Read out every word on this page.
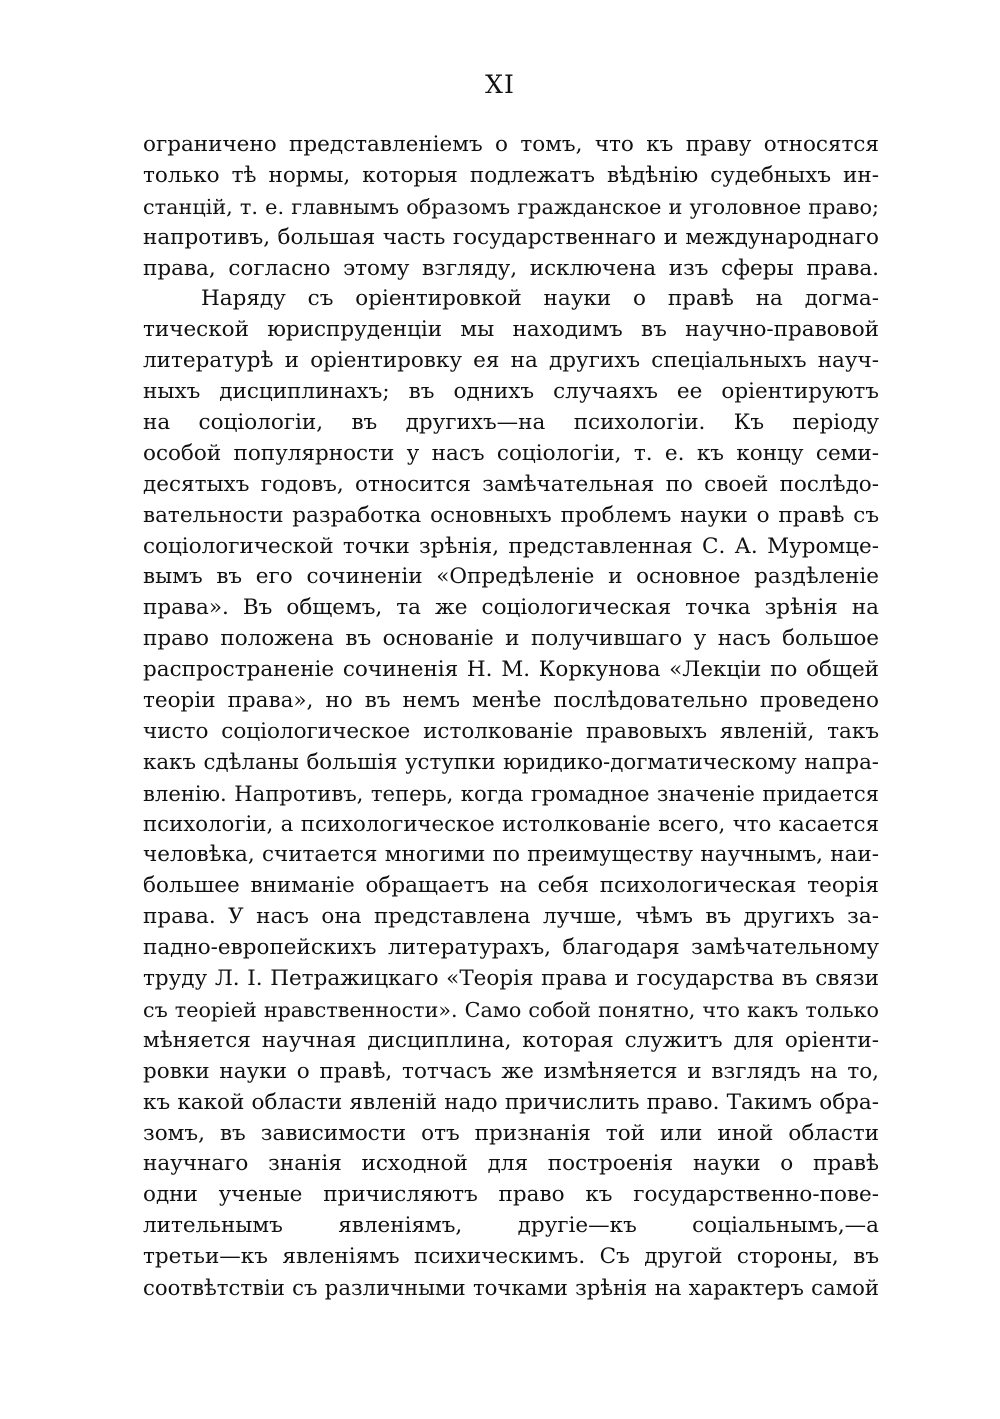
XI
ограничено представленіемъ о томъ, что къ праву относятся
только тѣ нормы, которыя подлежатъ вѣдѣнію судебныхъ ин-
станцій, т. е. главнымъ образомъ гражданское и уголовное право;
напротивъ, большая часть государственнаго и международнаго
права, согласно этому взгляду, исключена изъ сферы права.
Наряду съ оріентировкой науки о правѣ на догма-
тической юриспруденціи мы находимъ въ научно-правовой
литературѣ и оріентировку ея на другихъ спеціальныхъ науч-
ныхъ дисциплинахъ; въ однихъ случаяхъ ее оріентируютъ
на соціологіи, въ другихъ—на психологіи. Къ періоду
особой популярности у насъ соціологіи, т. е. къ концу семи-
десятыхъ годовъ, относится замѣчательная по своей послѣдо-
вательности разработка основныхъ проблемъ науки о правѣ съ
соціологической точки зрѣнія, представленная С. А. Муромце-
вымъ въ его сочиненіи «Опредѣленіе и основное раздѣленіе
права». Въ общемъ, та же соціологическая точка зрѣнія на
право положена въ основаніе и получившаго у насъ большое
распространеніе сочиненія Н. М. Коркунова «Лекціи по общей
теоріи права», но въ немъ менѣе послѣдовательно проведено
чисто соціологическое истолкованіе правовыхъ явленій, такъ
какъ сдѣланы большія уступки юридико-догматическому напра-
вленію. Напротивъ, теперь, когда громадное значеніе придается
психологіи, а психологическое истолкованіе всего, что касается
человѣка, считается многими по преимуществу научнымъ, наи-
большее вниманіе обращаетъ на себя психологическая теорія
права. У насъ она представлена лучше, чѣмъ въ другихъ за-
падно-европейскихъ литературахъ, благодаря замѣчательному
труду Л. І. Петражицкаго «Теорія права и государства въ связи
съ теоріей нравственности». Само собой понятно, что какъ только
мѣняется научная дисциплина, которая служитъ для оріенти-
ровки науки о правѣ, тотчасъ же измѣняется и взглядъ на то,
къ какой области явленій надо причислить право. Такимъ обра-
зомъ, въ зависимости отъ признанія той или иной области
научнаго знанія исходной для построенія науки о правѣ
одни ученые причисляютъ право къ государственно-пове-
лительнымъ явленіямъ, другіе—къ соціальнымъ,—а
третьи—къ явленіямъ психическимъ. Съ другой стороны, въ
соотвѣтствіи съ различными точками зрѣнія на характеръ самой
